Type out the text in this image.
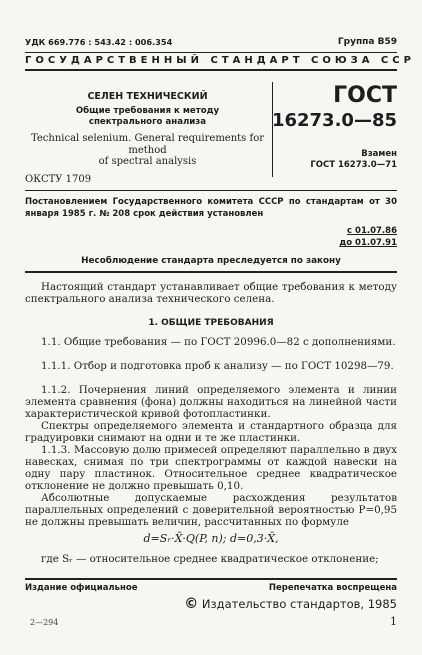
УДК 669.776 : 543.42 : 006.354	Группа В59
ГОСУДАРСТВЕННЫЙ СТАНДАРТ СОЮЗА ССР
СЕЛЕН ТЕХНИЧЕСКИЙ
Общие требования к методу
спектрального анализа
Technical selenium. General requirements for method
of spectral analysis
ГОСТ
16273.0—85
Взамен
ГОСТ 16273.0—71
ОКСТУ 1709
Постановлением Государственного комитета СССР по стандартам от 30 января 1985 г. № 208 срок действия установлен
с 01.07.86
до 01.07.91
Несоблюдение стандарта преследуется по закону
Настоящий стандарт устанавливает общие требования к методу спектрального анализа технического селена.
1. ОБЩИЕ ТРЕБОВАНИЯ
1.1. Общие требования — по ГОСТ 20996.0—82 с дополнениями.
1.1.1. Отбор и подготовка проб к анализу — по ГОСТ 10298—79.
1.1.2. Почернения линий определяемого элемента и линии элемента сравнения (фона) должны находиться на линейной части характеристической кривой фотопластинки.
Спектры определяемого элемента и стандартного образца для градуировки снимают на одни и те же пластинки.
1.1.3. Массовую долю примесей определяют параллельно в двух навесках, снимая по три спектрограммы от каждой навески на одну пару пластинок. Относительное среднее квадратическое отклонение не должно превышать 0,10.
Абсолютные допускаемые расхождения результатов параллельных определений с доверительной вероятностью P=0,95 не должны превышать величин, рассчитанных по формуле
d=Sᵣ·X̄·Q(P, n); d=0,3·X̄,
где Sᵣ — относительное среднее квадратическое отклонение;
Издание официальное	Перепечатка воспрещена
© Издательство стандартов, 1985
2—294	1
